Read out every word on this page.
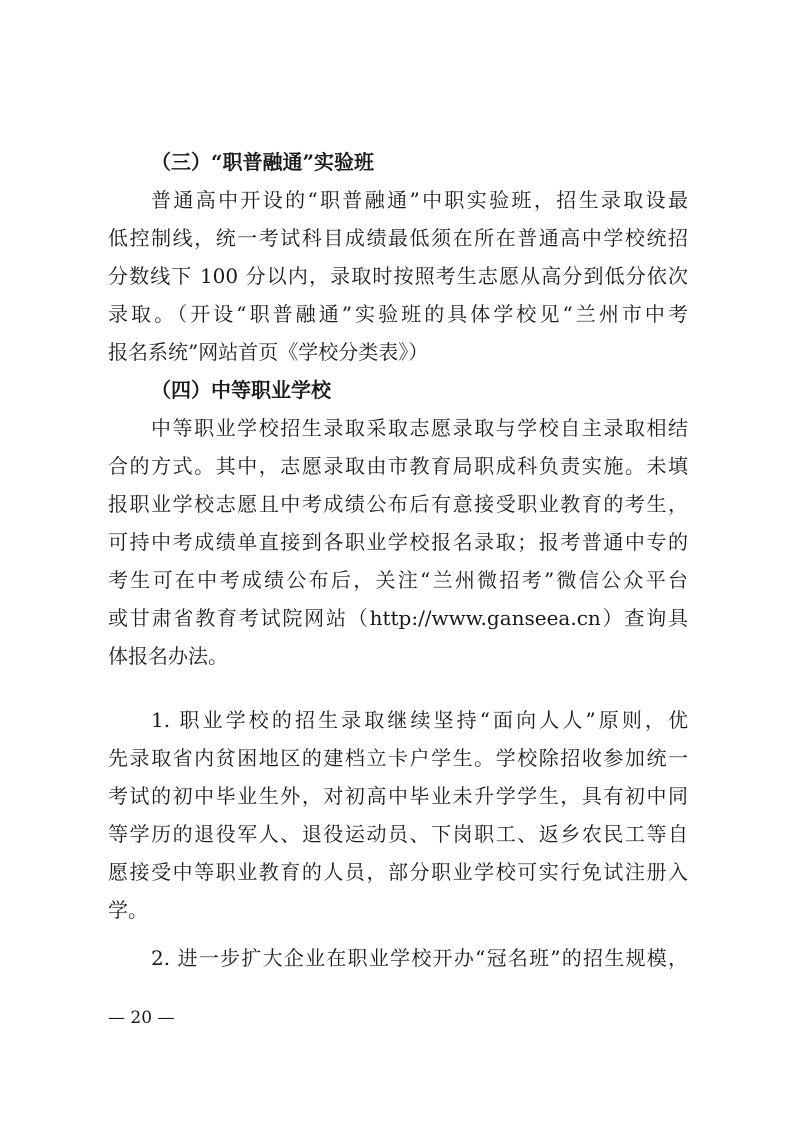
（三）“职普融通”实验班
普通高中开设的“职普融通”中职实验班，招生录取设最
低控制线，统一考试科目成绩最低须在所在普通高中学校统招
分数线下 100 分以内，录取时按照考生志愿从高分到低分依次
录取。（开设“职普融通”实验班的具体学校见“兰州市中考
报名系统”网站首页《学校分类表》）
（四）中等职业学校
中等职业学校招生录取采取志愿录取与学校自主录取相结
合的方式。其中，志愿录取由市教育局职成科负责实施。未填
报职业学校志愿且中考成绩公布后有意接受职业教育的考生，
可持中考成绩单直接到各职业学校报名录取；报考普通中专的
考生可在中考成绩公布后，关注“兰州微招考”微信公众平台
或甘肃省教育考试院网站（http://www.ganseea.cn）查询具
体报名办法。
1. 职业学校的招生录取继续坚持“面向人人”原则，优
先录取省内贫困地区的建档立卡户学生。学校除招收参加统一
考试的初中毕业生外，对初高中毕业未升学学生，具有初中同
等学历的退役军人、退役运动员、下岗职工、返乡农民工等自
愿接受中等职业教育的人员，部分职业学校可实行免试注册入
学。
2. 进一步扩大企业在职业学校开办“冠名班”的招生规模，
— 20 —
